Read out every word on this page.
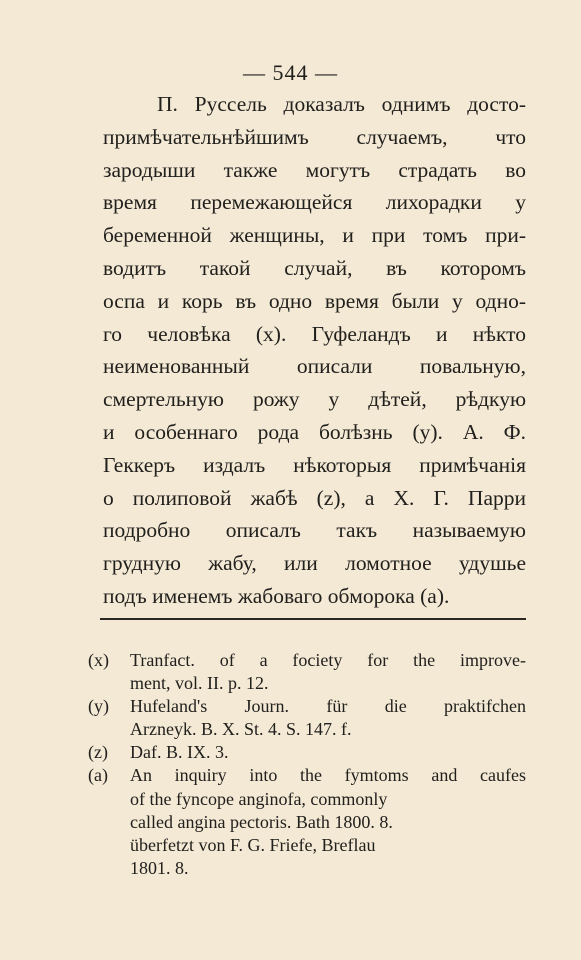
— 544 —
П. Руссель доказалъ однимъ досто-
примѣчательнѣйшимъ случаемъ, что
зародыши также могутъ страдать во
время перемежающейся лихорадки у
беременной женщины, и при томъ при-
водитъ такой случай, въ которомъ
оспа и корь въ одно время были у одно-
го человѣка (x). Гуфеландъ и нѣкто
неименованный описали повальную,
смертельную рожу у дѣтей, рѣдкую
и особеннаго рода болѣзнь (y). А. Ф.
Геккеръ издалъ нѣкоторыя примѣчанія
о полиповой жабѣ (z), а Х. Г. Парри
подробно описалъ такъ называемую
грудную жабу, или ломотное удушье
подъ именемъ жабоваго обморока (a).
(x) Tranfact. of a fociety for the improve-
ment, vol. II. p. 12.
(y) Hufeland's Journ. für die praktifchen
Arzneyk. B. X. St. 4. S. 147. f.
(z) Daf. B. IX. 3.
(a) An inquiry into the fymtoms and caufes
of the fyncope anginofa, commonly
called angina pectoris. Bath 1800. 8.
überfetzt von F. G. Friefe, Breflau
1801. 8.
